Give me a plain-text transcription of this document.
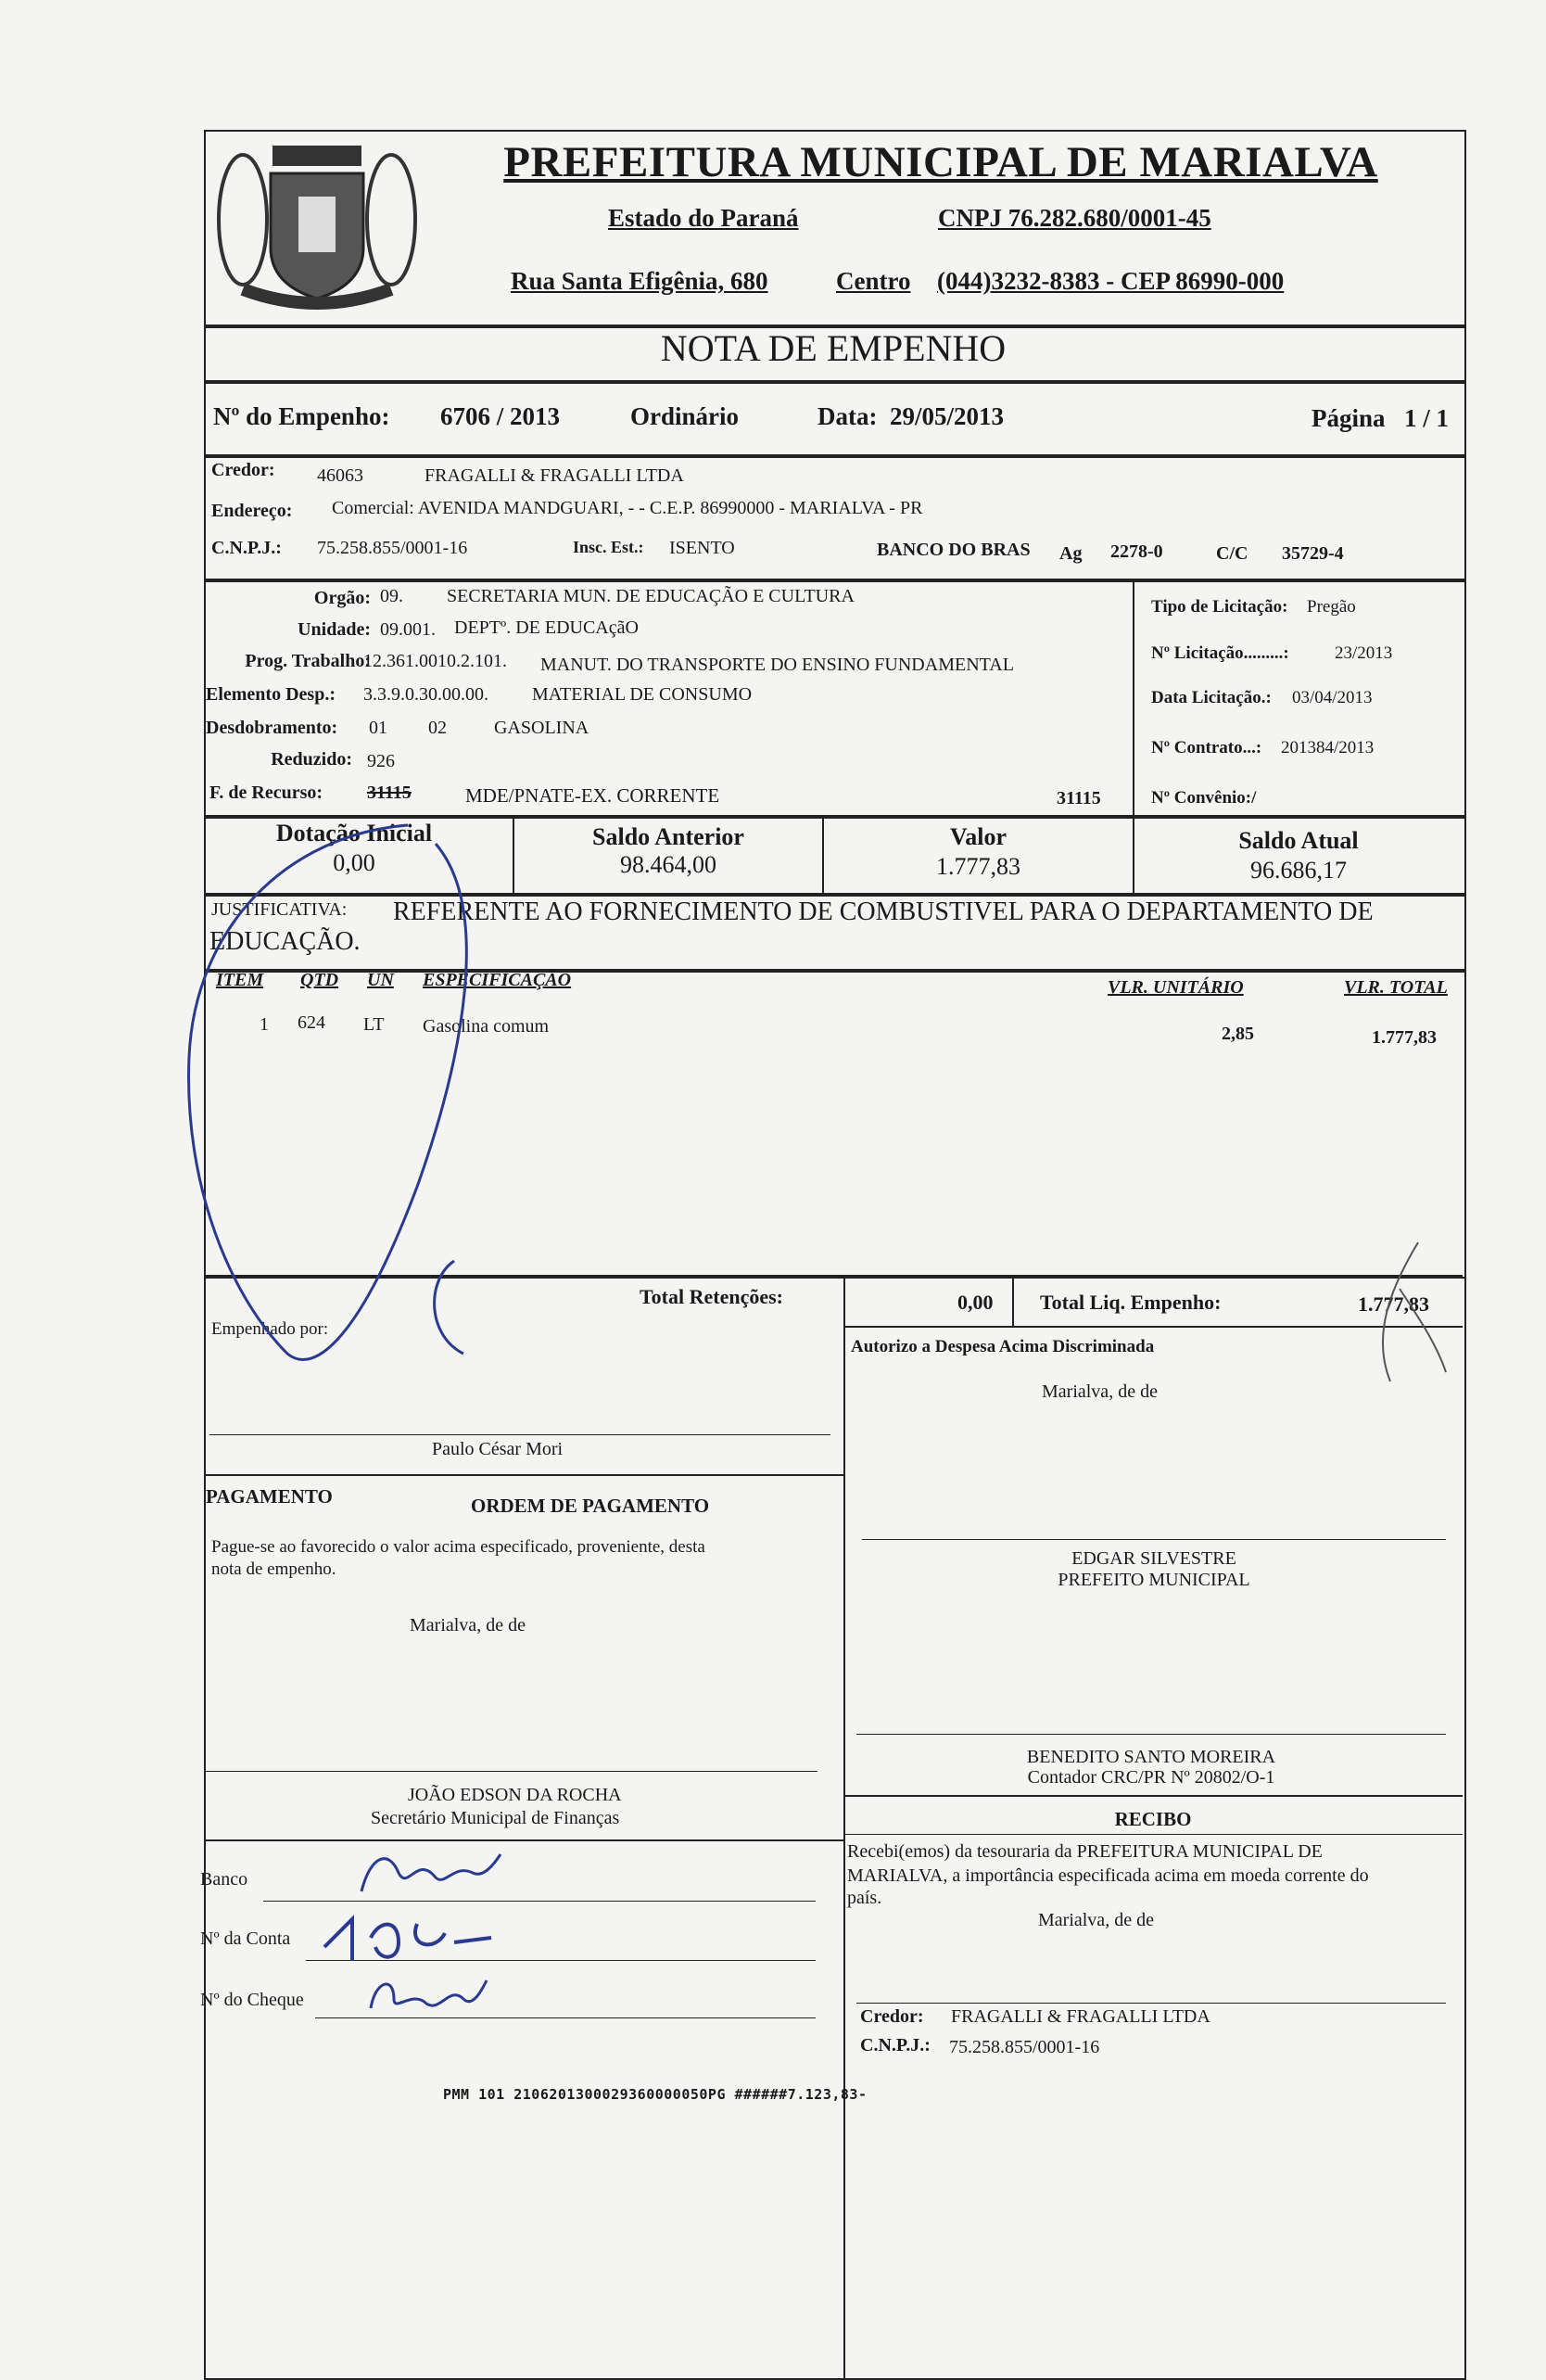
PREFEITURA MUNICIPAL DE MARIALVA
Estado do Paraná	CNPJ 76.282.680/0001-45
Rua Santa Efigênia, 680	Centro (044)3232-8383 - CEP 86990-000
NOTA DE EMPENHO
Nº do Empenho: 6706 / 2013	Ordinário	Data: 29/05/2013	Página 1 / 1
Credor: 46063	FRAGALLI & FRAGALLI LTDA
Endereço: Comercial: AVENIDA MANDGUARI, - - C.E.P. 86990000 - MARIALVA - PR
C.N.P.J.: 75.258.855/0001-16	Insc. Est.: ISENTO	BANCO DO BRAS Ag 2278-0	C/C 35729-4
Orgão: 09. SECRETARIA MUN. DE EDUCAÇÃO E CULTURA
Unidade: 09.001. DEPTº. DE EDUCAçãO
Prog. Trabalho:
12.361.0010.2.101. MANUT. DO TRANSPORTE DO ENSINO FUNDAMENTAL
Elemento Desp.: 3.3.9.0.30.00.00. MATERIAL DE CONSUMO
Desdobramento: 01 02	GASOLINA
Reduzido: 926
F. de Recurso: 31115	MDE/PNATE-EX. CORRENTE	31115
Tipo de Licitação: Pregão
Nº Licitação.........:	23/2013
Data Licitação.: 03/04/2013
Nº Contrato...: 201384/2013
Nº Convênio:/
Dotação Inicial
0,00
Saldo Anterior
98.464,00
Valor
1.777,83
Saldo Atual
96.686,17
JUSTIFICATIVA: REFERENTE AO FORNECIMENTO DE COMBUSTIVEL PARA O DEPARTAMENTO DE
EDUCAÇÃO.
ITEM QTD UN ESPECIFICAÇÃO	VLR. UNITÁRIO	VLR. TOTAL
1 624 LT Gasolina comum	2,85	1.777,83
Total Retenções:	0,00 Total Liq. Empenho:	1.777,83
Empenhado por:
Paulo César Mori
Autorizo a Despesa Acima Discriminada
Marialva, de de
PAGAMENTO	ORDEM DE PAGAMENTO
Pague-se ao favorecido o valor acima especificado, proveniente, desta
nota de empenho.
Marialva, de de
JOÃO EDSON DA ROCHA
Secretário Municipal de Finanças
EDGAR SILVESTRE
PREFEITO MUNICIPAL
BENEDITO SANTO MOREIRA
Contador CRC/PR Nº 20802/O-1
RECIBO
Recebi(emos) da tesouraria da PREFEITURA MUNICIPAL DE
MARIALVA, a importância especificada acima em moeda corrente do
país.
Marialva, de de
Credor: FRAGALLI & FRAGALLI LTDA
C.N.P.J.: 75.258.855/0001-16
Banco
Nº da Conta
Nº do Cheque
PMM 101 2106201300029360000050PG ######7.123,83-
